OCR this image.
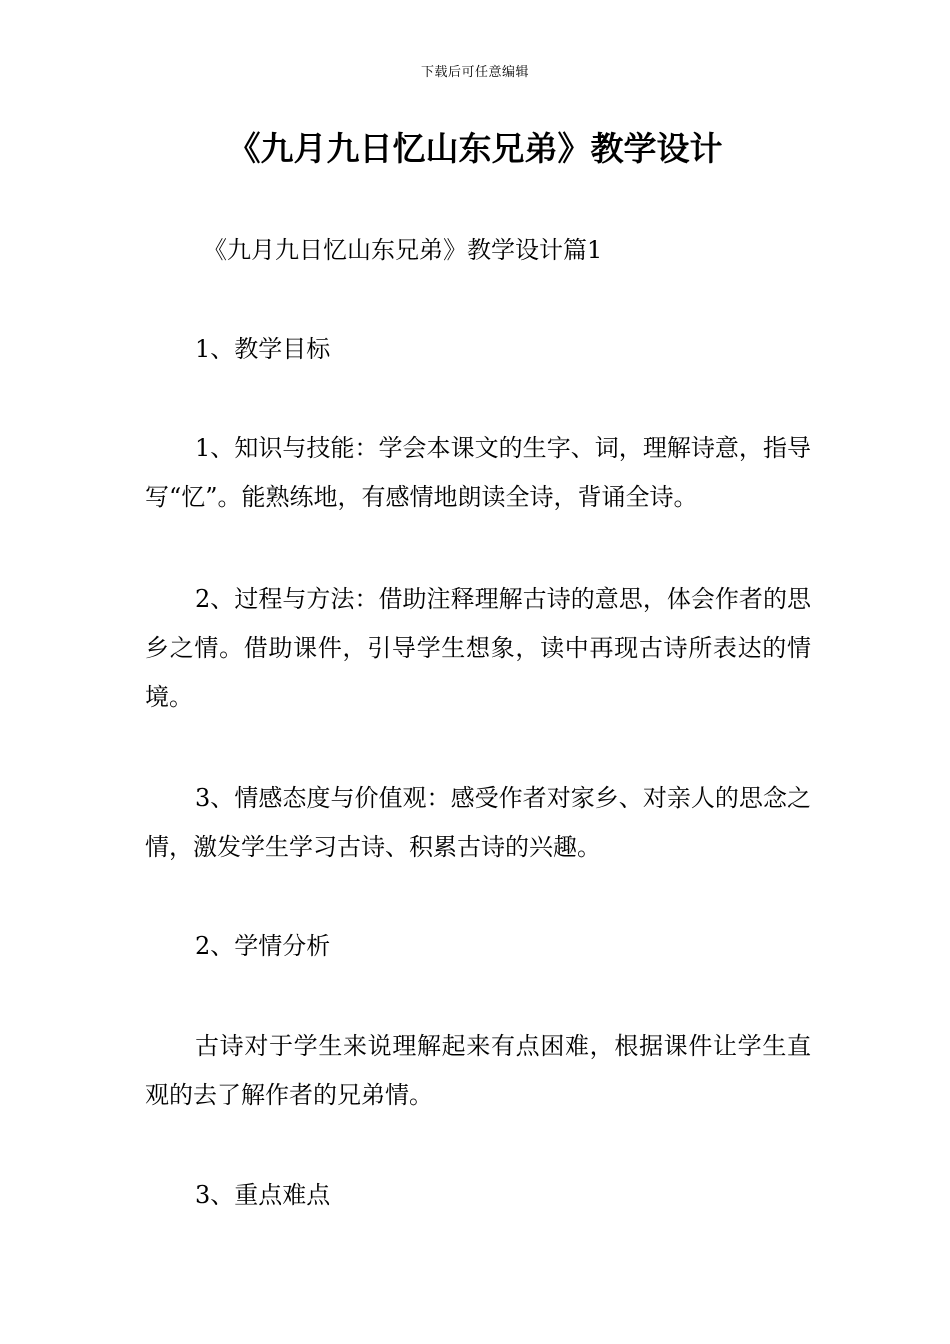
下载后可任意编辑
《九月九日忆山东兄弟》教学设计

《九月九日忆山东兄弟》教学设计篇1

1、教学目标

1、知识与技能：学会本课文的生字、词，理解诗意，指导写“忆”。能熟练地，有感情地朗读全诗，背诵全诗。

2、过程与方法：借助注释理解古诗的意思，体会作者的思乡之情。借助课件，引导学生想象，读中再现古诗所表达的情境。

3、情感态度与价值观：感受作者对家乡、对亲人的思念之情，激发学生学习古诗、积累古诗的兴趣。

2、学情分析

古诗对于学生来说理解起来有点困难，根据课件让学生直观的去了解作者的兄弟情。

3、重点难点
